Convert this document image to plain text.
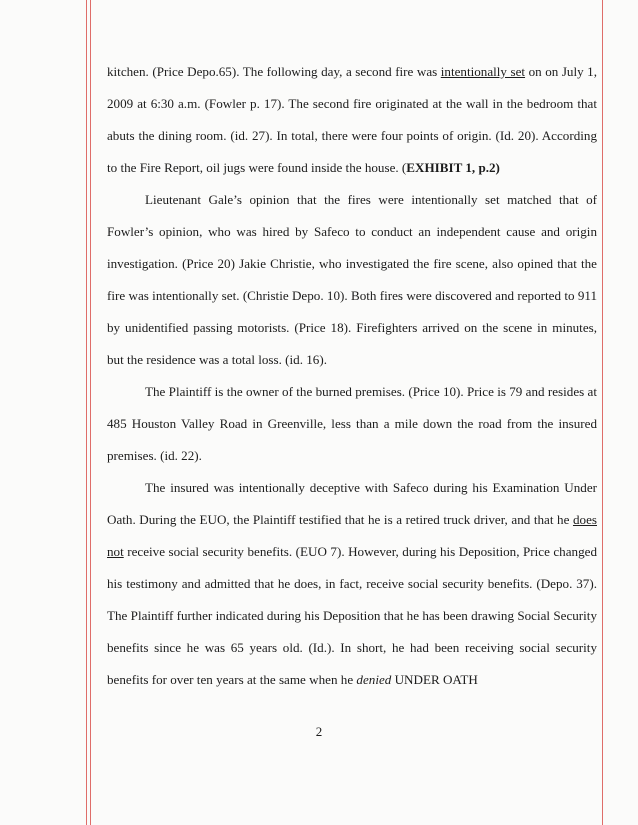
kitchen. (Price Depo.65). The following day, a second fire was intentionally set on on July 1, 2009 at 6:30 a.m. (Fowler p. 17). The second fire originated at the wall in the bedroom that abuts the dining room. (id. 27). In total, there were four points of origin. (Id. 20). According to the Fire Report, oil jugs were found inside the house. (EXHIBIT 1, p.2)

Lieutenant Gale’s opinion that the fires were intentionally set matched that of Fowler’s opinion, who was hired by Safeco to conduct an independent cause and origin investigation. (Price 20) Jakie Christie, who investigated the fire scene, also opined that the fire was intentionally set. (Christie Depo. 10). Both fires were discovered and reported to 911 by unidentified passing motorists. (Price 18). Firefighters arrived on the scene in minutes, but the residence was a total loss. (id. 16).

The Plaintiff is the owner of the burned premises. (Price 10). Price is 79 and resides at 485 Houston Valley Road in Greenville, less than a mile down the road from the insured premises. (id. 22).

The insured was intentionally deceptive with Safeco during his Examination Under Oath. During the EUO, the Plaintiff testified that he is a retired truck driver, and that he does not receive social security benefits. (EUO 7). However, during his Deposition, Price changed his testimony and admitted that he does, in fact, receive social security benefits. (Depo. 37). The Plaintiff further indicated during his Deposition that he has been drawing Social Security benefits since he was 65 years old. (Id.). In short, he had been receiving social security benefits for over ten years at the same when he denied UNDER OATH

2
